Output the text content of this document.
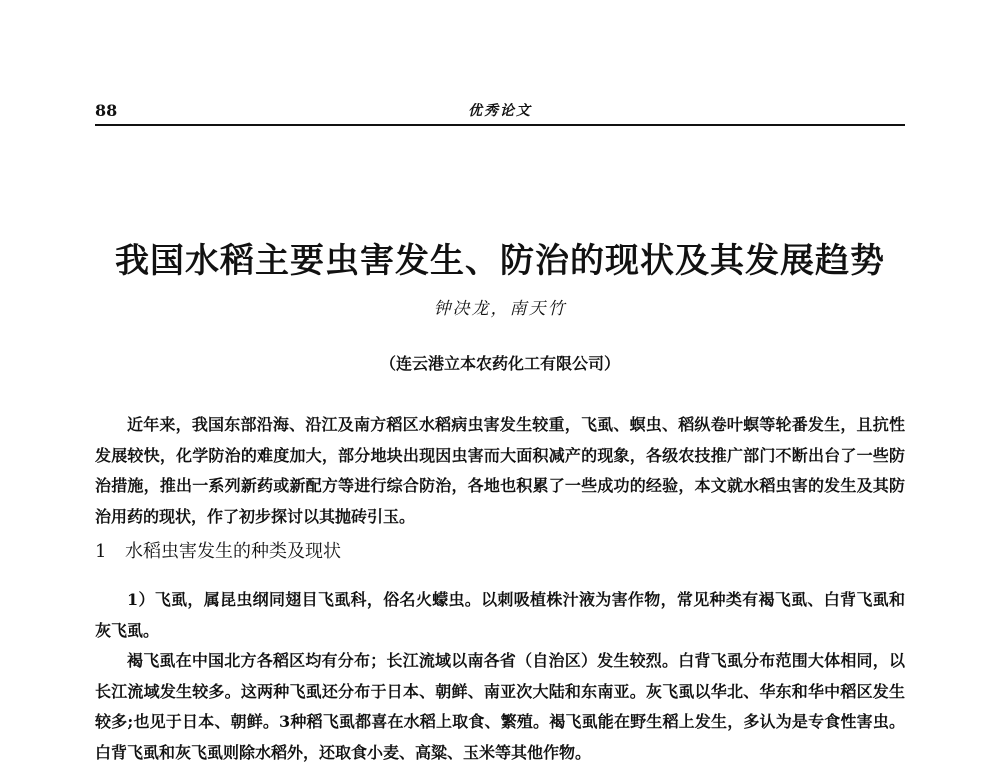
88	优秀论文
我国水稻主要虫害发生、防治的现状及其发展趋势
钟决龙，南天竹
（连云港立本农药化工有限公司）

近年来，我国东部沿海、沿江及南方稻区水稻病虫害发生较重，飞虱、螟虫、稻纵卷叶螟等轮番发生，且抗性发展较快，化学防治的难度加大，部分地块出现因虫害而大面积减产的现象，各级农技推广部门不断出台了一些防治措施，推出一系列新药或新配方等进行综合防治，各地也积累了一些成功的经验，本文就水稻虫害的发生及其防治用药的现状，作了初步探讨以其抛砖引玉。

1 水稻虫害发生的种类及现状

1）飞虱，属昆虫纲同翅目飞虱科，俗名火蠓虫。以刺吸植株汁液为害作物，常见种类有褐飞虱、白背飞虱和灰飞虱。

褐飞虱在中国北方各稻区均有分布；长江流域以南各省（自治区）发生较烈。白背飞虱分布范围大体相同，以长江流域发生较多。这两种飞虱还分布于日本、朝鲜、南亚次大陆和东南亚。灰飞虱以华北、华东和华中稻区发生较多;也见于日本、朝鲜。3种稻飞虱都喜在水稻上取食、繁殖。褐飞虱能在野生稻上发生，多认为是专食性害虫。白背飞虱和灰飞虱则除水稻外，还取食小麦、高粱、玉米等其他作物。
